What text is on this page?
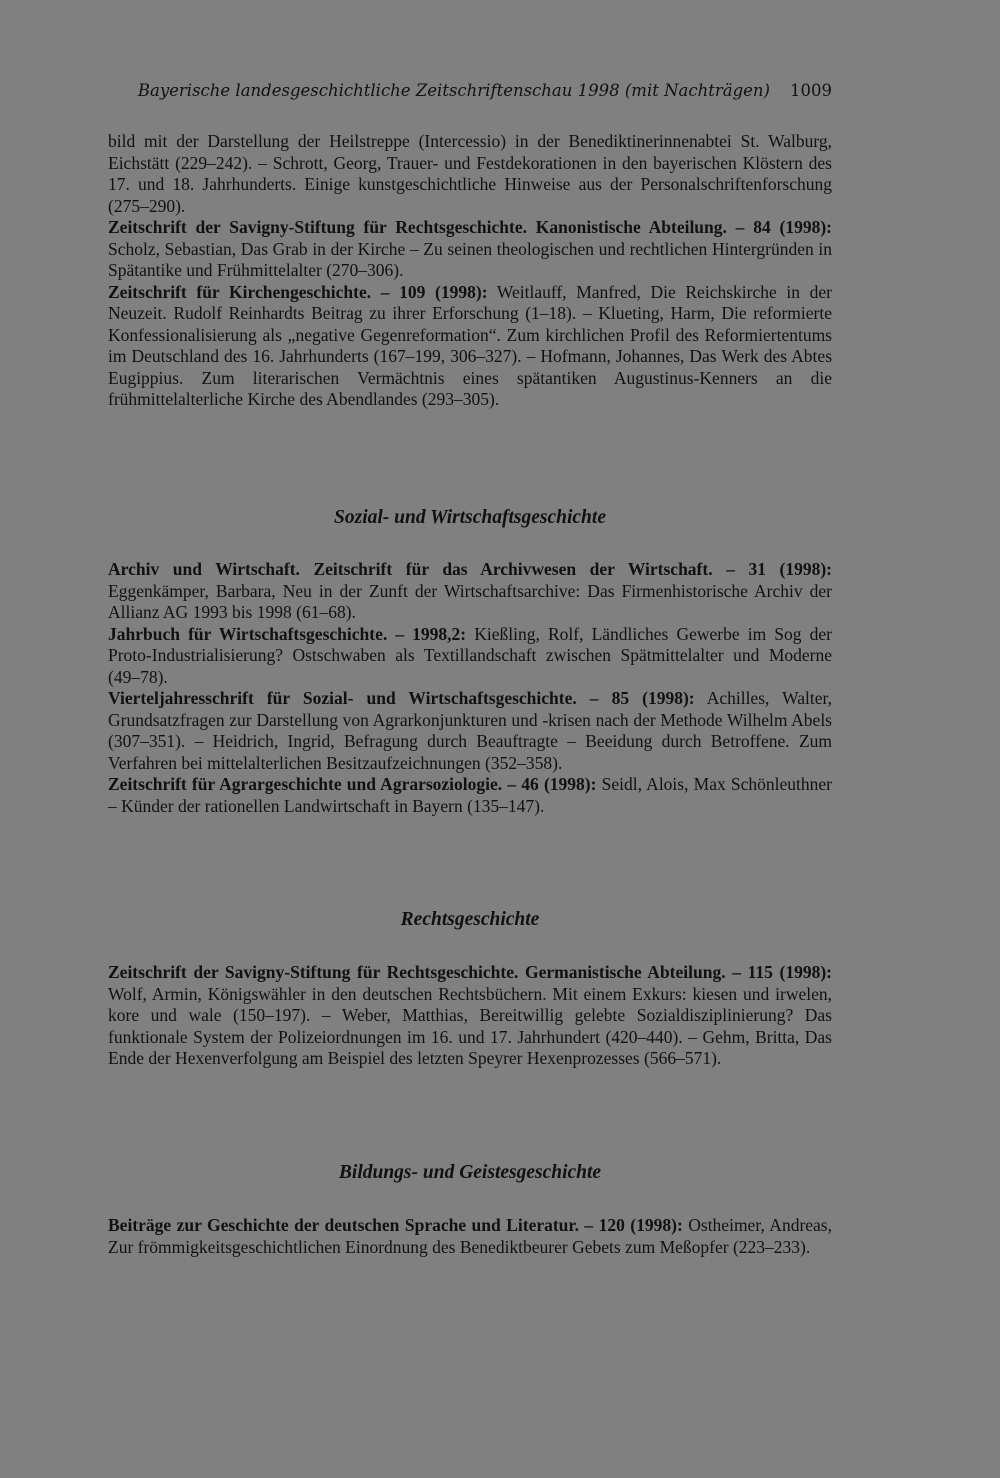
Bayerische landesgeschichtliche Zeitschriftenschau 1998 (mit Nachträgen) 1009

bild mit der Darstellung der Heilstreppe (Intercessio) in der Benediktinerinnenabtei St. Walburg, Eichstätt (229–242). – Schrott, Georg, Trauer- und Festdekorationen in den bayerischen Klöstern des 17. und 18. Jahrhunderts. Einige kunstgeschichtliche Hinweise aus der Personalschriftenforschung (275–290).

Zeitschrift der Savigny-Stiftung für Rechtsgeschichte. Kanonistische Abteilung. – 84 (1998): Scholz, Sebastian, Das Grab in der Kirche – Zu seinen theologischen und rechtlichen Hintergründen in Spätantike und Frühmittelalter (270–306).

Zeitschrift für Kirchengeschichte. – 109 (1998): Weitlauff, Manfred, Die Reichskirche in der Neuzeit. Rudolf Reinhardts Beitrag zu ihrer Erforschung (1–18). – Klueting, Harm, Die reformierte Konfessionalisierung als „negative Gegenreformation“. Zum kirchlichen Profil des Reformiertentums im Deutschland des 16. Jahrhunderts (167–199, 306–327). – Hofmann, Johannes, Das Werk des Abtes Eugippius. Zum literarischen Vermächtnis eines spätantiken Augustinus-Kenners an die frühmittelalterliche Kirche des Abendlandes (293–305).

Sozial- und Wirtschaftsgeschichte

Archiv und Wirtschaft. Zeitschrift für das Archivwesen der Wirtschaft. – 31 (1998): Eggenkämper, Barbara, Neu in der Zunft der Wirtschaftsarchive: Das Firmenhistorische Archiv der Allianz AG 1993 bis 1998 (61–68).

Jahrbuch für Wirtschaftsgeschichte. – 1998,2: Kießling, Rolf, Ländliches Gewerbe im Sog der Proto-Industrialisierung? Ostschwaben als Textillandschaft zwischen Spätmittelalter und Moderne (49–78).

Vierteljahresschrift für Sozial- und Wirtschaftsgeschichte. – 85 (1998): Achilles, Walter, Grundsatzfragen zur Darstellung von Agrarkonjunkturen und -krisen nach der Methode Wilhelm Abels (307–351). – Heidrich, Ingrid, Befragung durch Beauftragte – Beeidung durch Betroffene. Zum Verfahren bei mittelalterlichen Besitzaufzeichnungen (352–358).

Zeitschrift für Agrargeschichte und Agrarsoziologie. – 46 (1998): Seidl, Alois, Max Schönleuthner – Künder der rationellen Landwirtschaft in Bayern (135–147).

Rechtsgeschichte

Zeitschrift der Savigny-Stiftung für Rechtsgeschichte. Germanistische Abteilung. – 115 (1998): Wolf, Armin, Königswähler in den deutschen Rechtsbüchern. Mit einem Exkurs: kiesen und irwelen, kore und wale (150–197). – Weber, Matthias, Bereitwillig gelebte Sozialdisziplinierung? Das funktionale System der Polizeiordnungen im 16. und 17. Jahrhundert (420–440). – Gehm, Britta, Das Ende der Hexenverfolgung am Beispiel des letzten Speyrer Hexenprozesses (566–571).

Bildungs- und Geistesgeschichte

Beiträge zur Geschichte der deutschen Sprache und Literatur. – 120 (1998): Ostheimer, Andreas, Zur frömmigkeitsgeschichtlichen Einordnung des Benediktbeurer Gebets zum Meßopfer (223–233).
